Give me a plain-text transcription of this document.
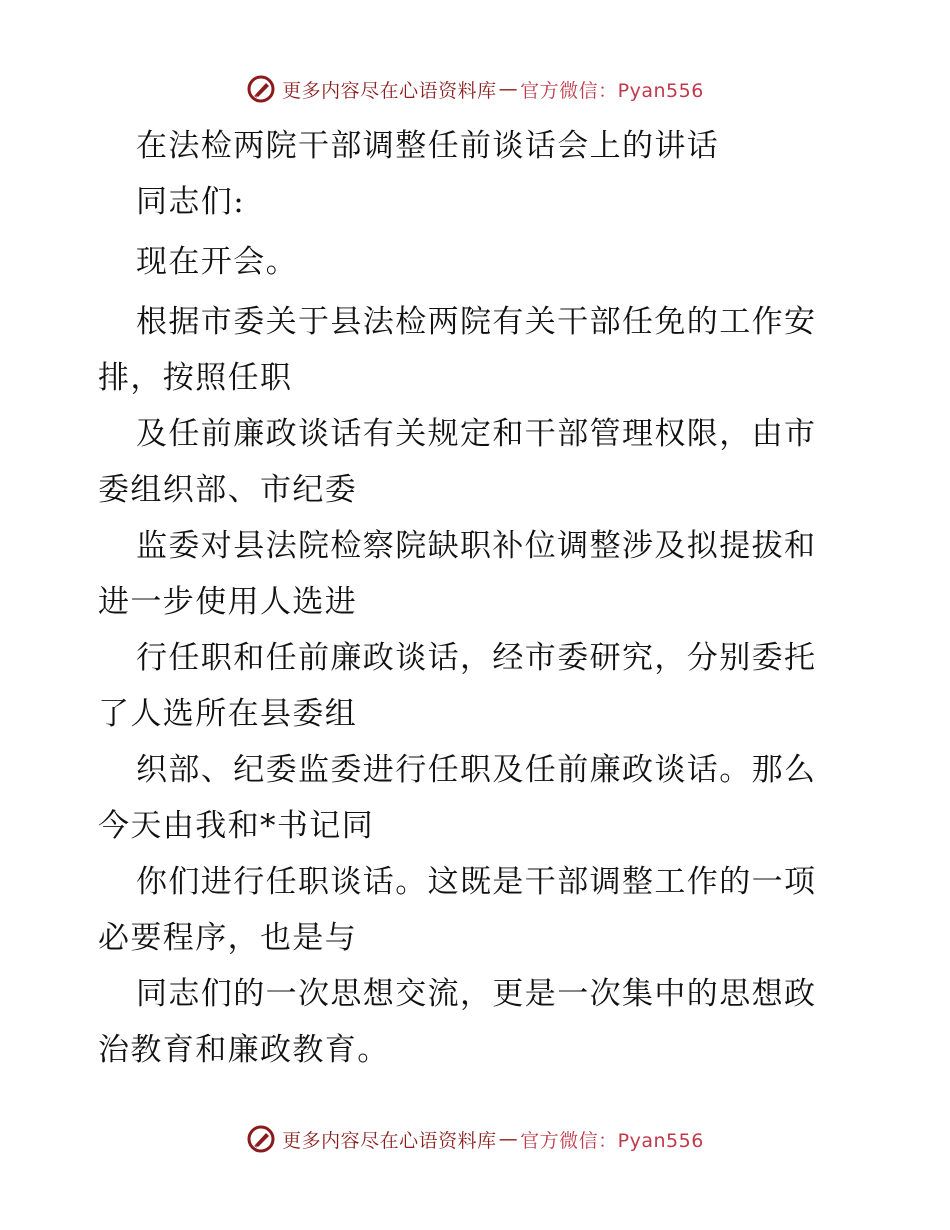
更多内容尽在心语资料库 — 官方微信：Pyan556
在法检两院干部调整任前谈话会上的讲话
同志们:
现在开会。
根据市委关于县法检两院有关干部任免的工作安
排，按照任职
及任前廉政谈话有关规定和干部管理权限，由市
委组织部、市纪委
监委对县法院检察院缺职补位调整涉及拟提拔和
进一步使用人选进
行任职和任前廉政谈话，经市委研究，分别委托
了人选所在县委组
织部、纪委监委进行任职及任前廉政谈话。那么
今天由我和*书记同
你们进行任职谈话。这既是干部调整工作的一项
必要程序，也是与
同志们的一次思想交流，更是一次集中的思想政
治教育和廉政教育。
更多内容尽在心语资料库 — 官方微信：Pyan556
